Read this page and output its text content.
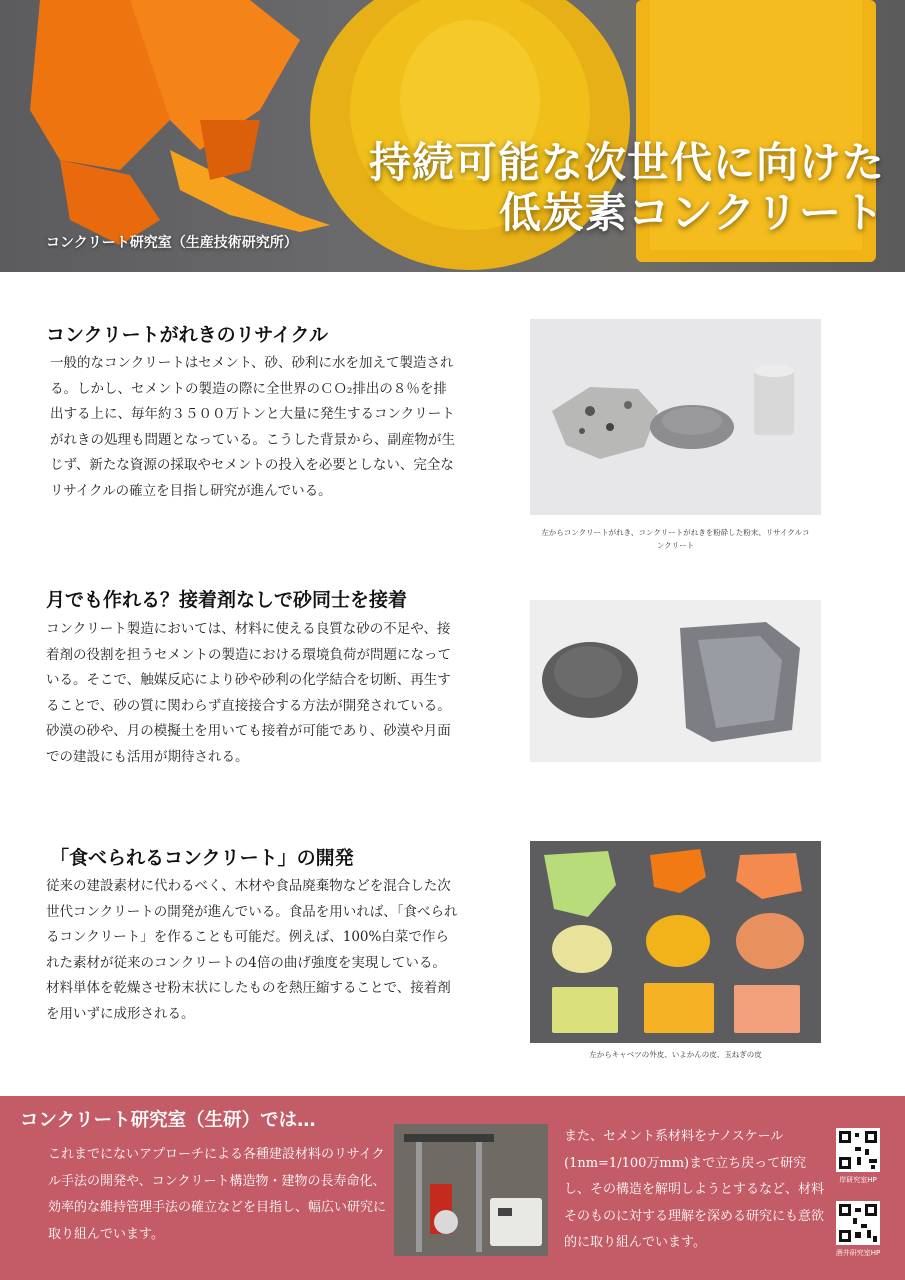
持続可能な次世代に向けた
低炭素コンクリート
コンクリート研究室（生産技術研究所）
コンクリートがれきのリサイクル
一般的なコンクリートはセメント、砂、砂利に水を加えて製造される。しかし、セメントの製造の際に全世界のＣＯ₂排出の８％を排出する上に、毎年約３５００万トンと大量に発生するコンクリートがれきの処理も問題となっている。こうした背景から、副産物が生じず、新たな資源の採取やセメントの投入を必要としない、完全なリサイクルの確立を目指し研究が進んでいる。
左からコンクリートがれき、コンクリートがれきを粉砕した粉末、リサイクルコンクリート
月でも作れる？接着剤なしで砂同士を接着
コンクリート製造においては、材料に使える良質な砂の不足や、接着剤の役割を担うセメントの製造における環境負荷が問題になっている。そこで、触媒反応により砂や砂利の化学結合を切断、再生することで、砂の質に関わらず直接接合する方法が開発されている。砂漠の砂や、月の模擬土を用いても接着が可能であり、砂漠や月面での建設にも活用が期待される。
「食べられるコンクリート」の開発
従来の建設素材に代わるべく、木材や食品廃棄物などを混合した次世代コンクリートの開発が進んでいる。食品を用いれば、「食べられるコンクリート」を作ることも可能だ。例えば、100%白菜で作られた素材が従来のコンクリートの4倍の曲げ強度を実現している。材料単体を乾燥させ粉末状にしたものを熱圧縮することで、接着剤を用いずに成形される。
左からキャベツの外皮、いよかんの皮、玉ねぎの皮
コンクリート研究室（生研）では…
これまでにないアプローチによる各種建設材料のリサイクル手法の開発や、コンクリート構造物・建物の長寿命化、効率的な維持管理手法の確立などを目指し、幅広い研究に取り組んでいます。
また、セメント系材料をナノスケール(1nm=1/100万mm)まで立ち戻って研究し、その構造を解明しようとするなど、材料そのものに対する理解を深める研究にも意欲的に取り組んでいます。
岸研究室HP
酒井研究室HP
